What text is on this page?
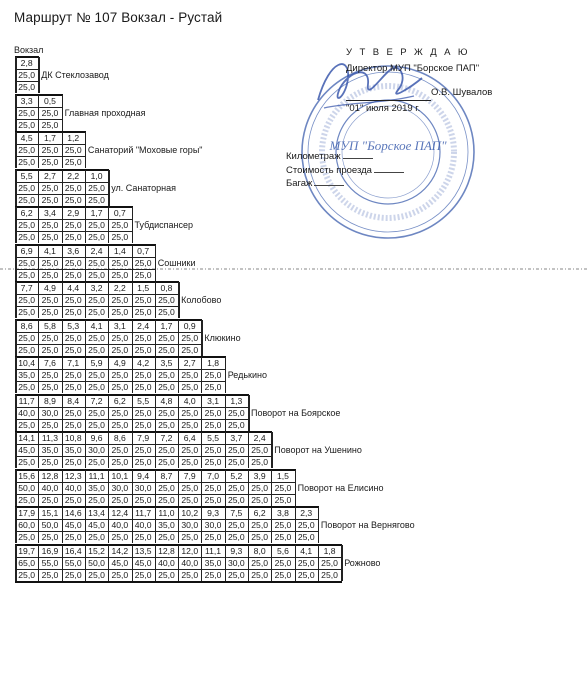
Маршрут № 107 Вокзал - Рустай
Вокзал
МУП "Борское ПАП"
У Т В Е Р Ж Д А Ю
Директор МУП "Борское ПАП"
О.В. Шувалов
"01" июля 2019 г.
Километраж
Стоимость проезда
Багаж
2,8
25,0
25,0
ДК Стеклозавод
3,3	0,5
25,0 25,0
25,0 25,0
Главная проходная
4,5	1,7	1,2
25,0 25,0 25,0
25,0 25,0 25,0
Санаторий "Моховые горы"
5,5	2,7	2,2	1,0
25,0 25,0 25,0 25,0
25,0 25,0 25,0 25,0
ул. Санаторная
6,2	3,4	2,9	1,7	0,7
25,0 25,0 25,0 25,0 25,0
25,0 25,0 25,0 25,0 25,0
Тубдиспансер
6,9	4,1	3,6	2,4	1,4	0,7
25,0 25,0 25,0 25,0 25,0 25,0
25,0 25,0 25,0 25,0 25,0 25,0
Сошники
7,7	4,9	4,4	3,2	2,2	1,5	0,8
25,0 25,0 25,0 25,0 25,0 25,0 25,0
25,0 25,0 25,0 25,0 25,0 25,0 25,0
Колобово
8,6	5,8	5,3	4,1	3,1	2,4	1,7	0,9
25,0 25,0 25,0 25,0 25,0 25,0 25,0 25,0
25,0 25,0 25,0 25,0 25,0 25,0 25,0 25,0
Клюкино
10,4	7,6	7,1	5,9	4,9	4,2	3,5	2,7	1,8
35,0 25,0 25,0 25,0 25,0 25,0 25,0 25,0 25,0
25,0 25,0 25,0 25,0 25,0 25,0 25,0 25,0 25,0
Редькино
11,7	8,9	8,4	7,2	6,2	5,5	4,8	4,0	3,1	1,3
40,0 30,0 25,0 25,0 25,0 25,0 25,0 25,0 25,0 25,0
25,0 25,0 25,0 25,0 25,0 25,0 25,0 25,0 25,0 25,0
Поворот на Боярское
14,1 11,3 10,8	9,6	8,6	7,9	7,2	6,4	5,5	3,7	2,4
45,0 35,0 35,0 30,0 25,0 25,0 25,0 25,0 25,0 25,0 25,0
25,0 25,0 25,0 25,0 25,0 25,0 25,0 25,0 25,0 25,0 25,0
Поворот на Ушенино
15,6 12,8 12,3 11,1 10,1	9,4	8,7	7,9	7,0	5,2	3,9	1,5
50,0 40,0 40,0 35,0 30,0 30,0 25,0 25,0 25,0 25,0 25,0 25,0
25,0 25,0 25,0 25,0 25,0 25,0 25,0 25,0 25,0 25,0 25,0 25,0
Поворот на Елисино
17,9 15,1 14,6 13,4 12,4 11,7 11,0 10,2	9,3	7,5	6,2	3,8	2,3
60,0 50,0 45,0 45,0 40,0 40,0 35,0 30,0 30,0 25,0 25,0 25,0 25,0
25,0 25,0 25,0 25,0 25,0 25,0 25,0 25,0 25,0 25,0 25,0 25,0 25,0
Поворот на Вернягово
19,7 16,9 16,4 15,2 14,2 13,5 12,8 12,0 11,1	9,3	8,0	5,6	4,1	1,8
65,0 55,0 55,0 50,0 45,0 45,0 40,0 40,0 35,0 30,0 25,0 25,0 25,0 25,0
25,0 25,0 25,0 25,0 25,0 25,0 25,0 25,0 25,0 25,0 25,0 25,0 25,0 25,0
Рожново
